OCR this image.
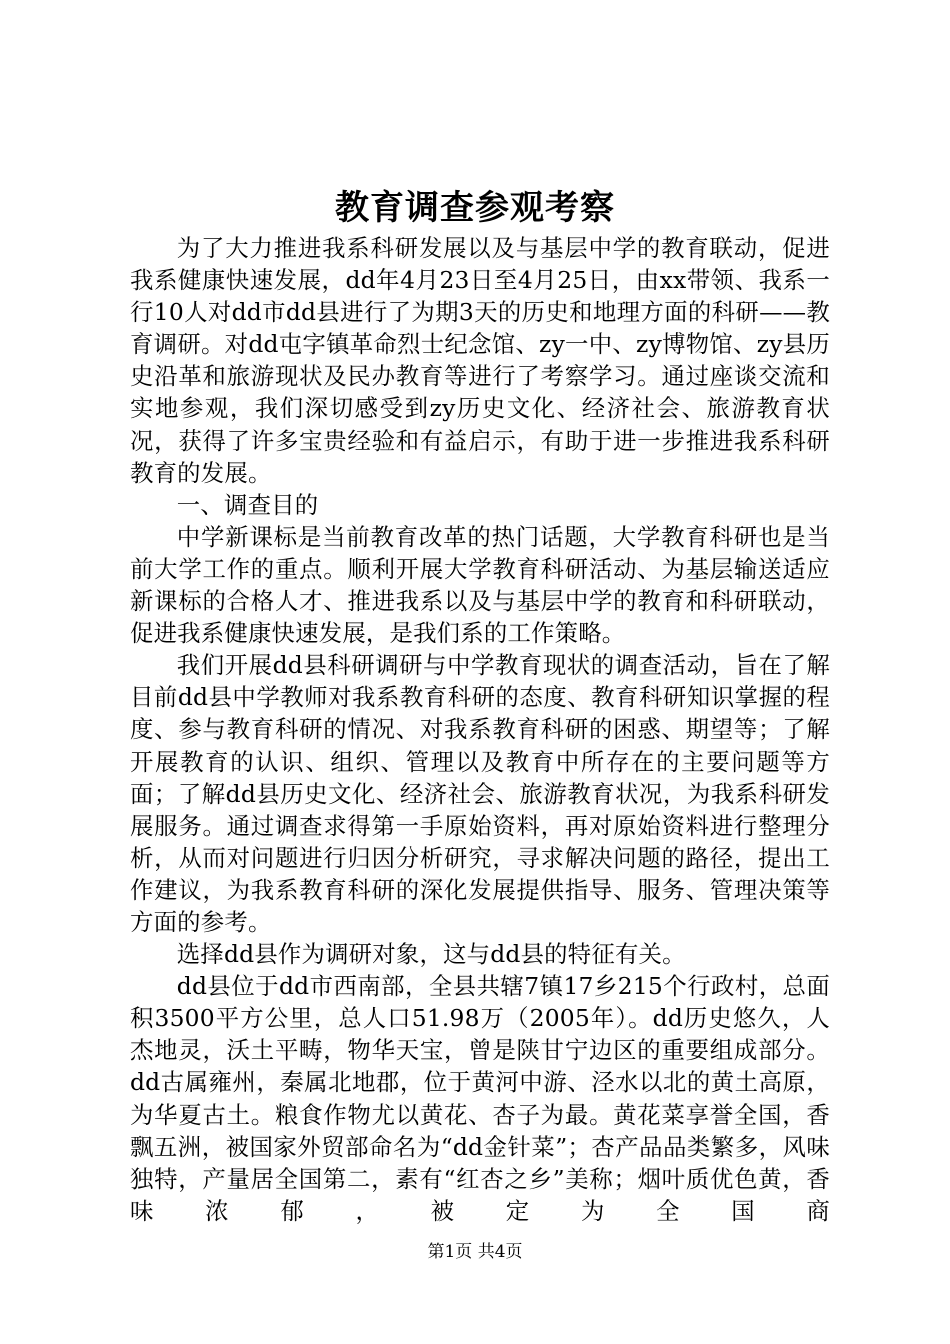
教育调查参观考察

为了大力推进我系科研发展以及与基层中学的教育联动，促进我系健康快速发展，dd年4月23日至4月25日，由xx带领、我系一行10人对dd市dd县进行了为期3天的历史和地理方面的科研——教育调研。对dd屯字镇革命烈士纪念馆、zy一中、zy博物馆、zy县历史沿革和旅游现状及民办教育等进行了考察学习。通过座谈交流和实地参观，我们深切感受到zy历史文化、经济社会、旅游教育状况，获得了许多宝贵经验和有益启示，有助于进一步推进我系科研教育的发展。

一、调查目的

中学新课标是当前教育改革的热门话题，大学教育科研也是当前大学工作的重点。顺利开展大学教育科研活动、为基层输送适应新课标的合格人才、推进我系以及与基层中学的教育和科研联动，促进我系健康快速发展，是我们系的工作策略。

我们开展dd县科研调研与中学教育现状的调查活动，旨在了解目前dd县中学教师对我系教育科研的态度、教育科研知识掌握的程度、参与教育科研的情况、对我系教育科研的困惑、期望等；了解开展教育的认识、组织、管理以及教育中所存在的主要问题等方面；了解dd县历史文化、经济社会、旅游教育状况，为我系科研发展服务。通过调查求得第一手原始资料，再对原始资料进行整理分析，从而对问题进行归因分析研究，寻求解决问题的路径，提出工作建议，为我系教育科研的深化发展提供指导、服务、管理决策等方面的参考。

选择dd县作为调研对象，这与dd县的特征有关。

dd县位于dd市西南部，全县共辖7镇17乡215个行政村，总面积3500平方公里，总人口51.98万（2005年）。dd历史悠久，人杰地灵，沃土平畴，物华天宝，曾是陕甘宁边区的重要组成部分。dd古属雍州，秦属北地郡，位于黄河中游、泾水以北的黄土高原，为华夏古土。粮食作物尤以黄花、杏子为最。黄花菜享誉全国，香飘五洲，被国家外贸部命名为“dd金针菜”；杏产品品类繁多，风味独特，产量居全国第二，素有“红杏之乡”美称；烟叶质优色黄，香味浓郁，被定为全国商

第1页 共4页
